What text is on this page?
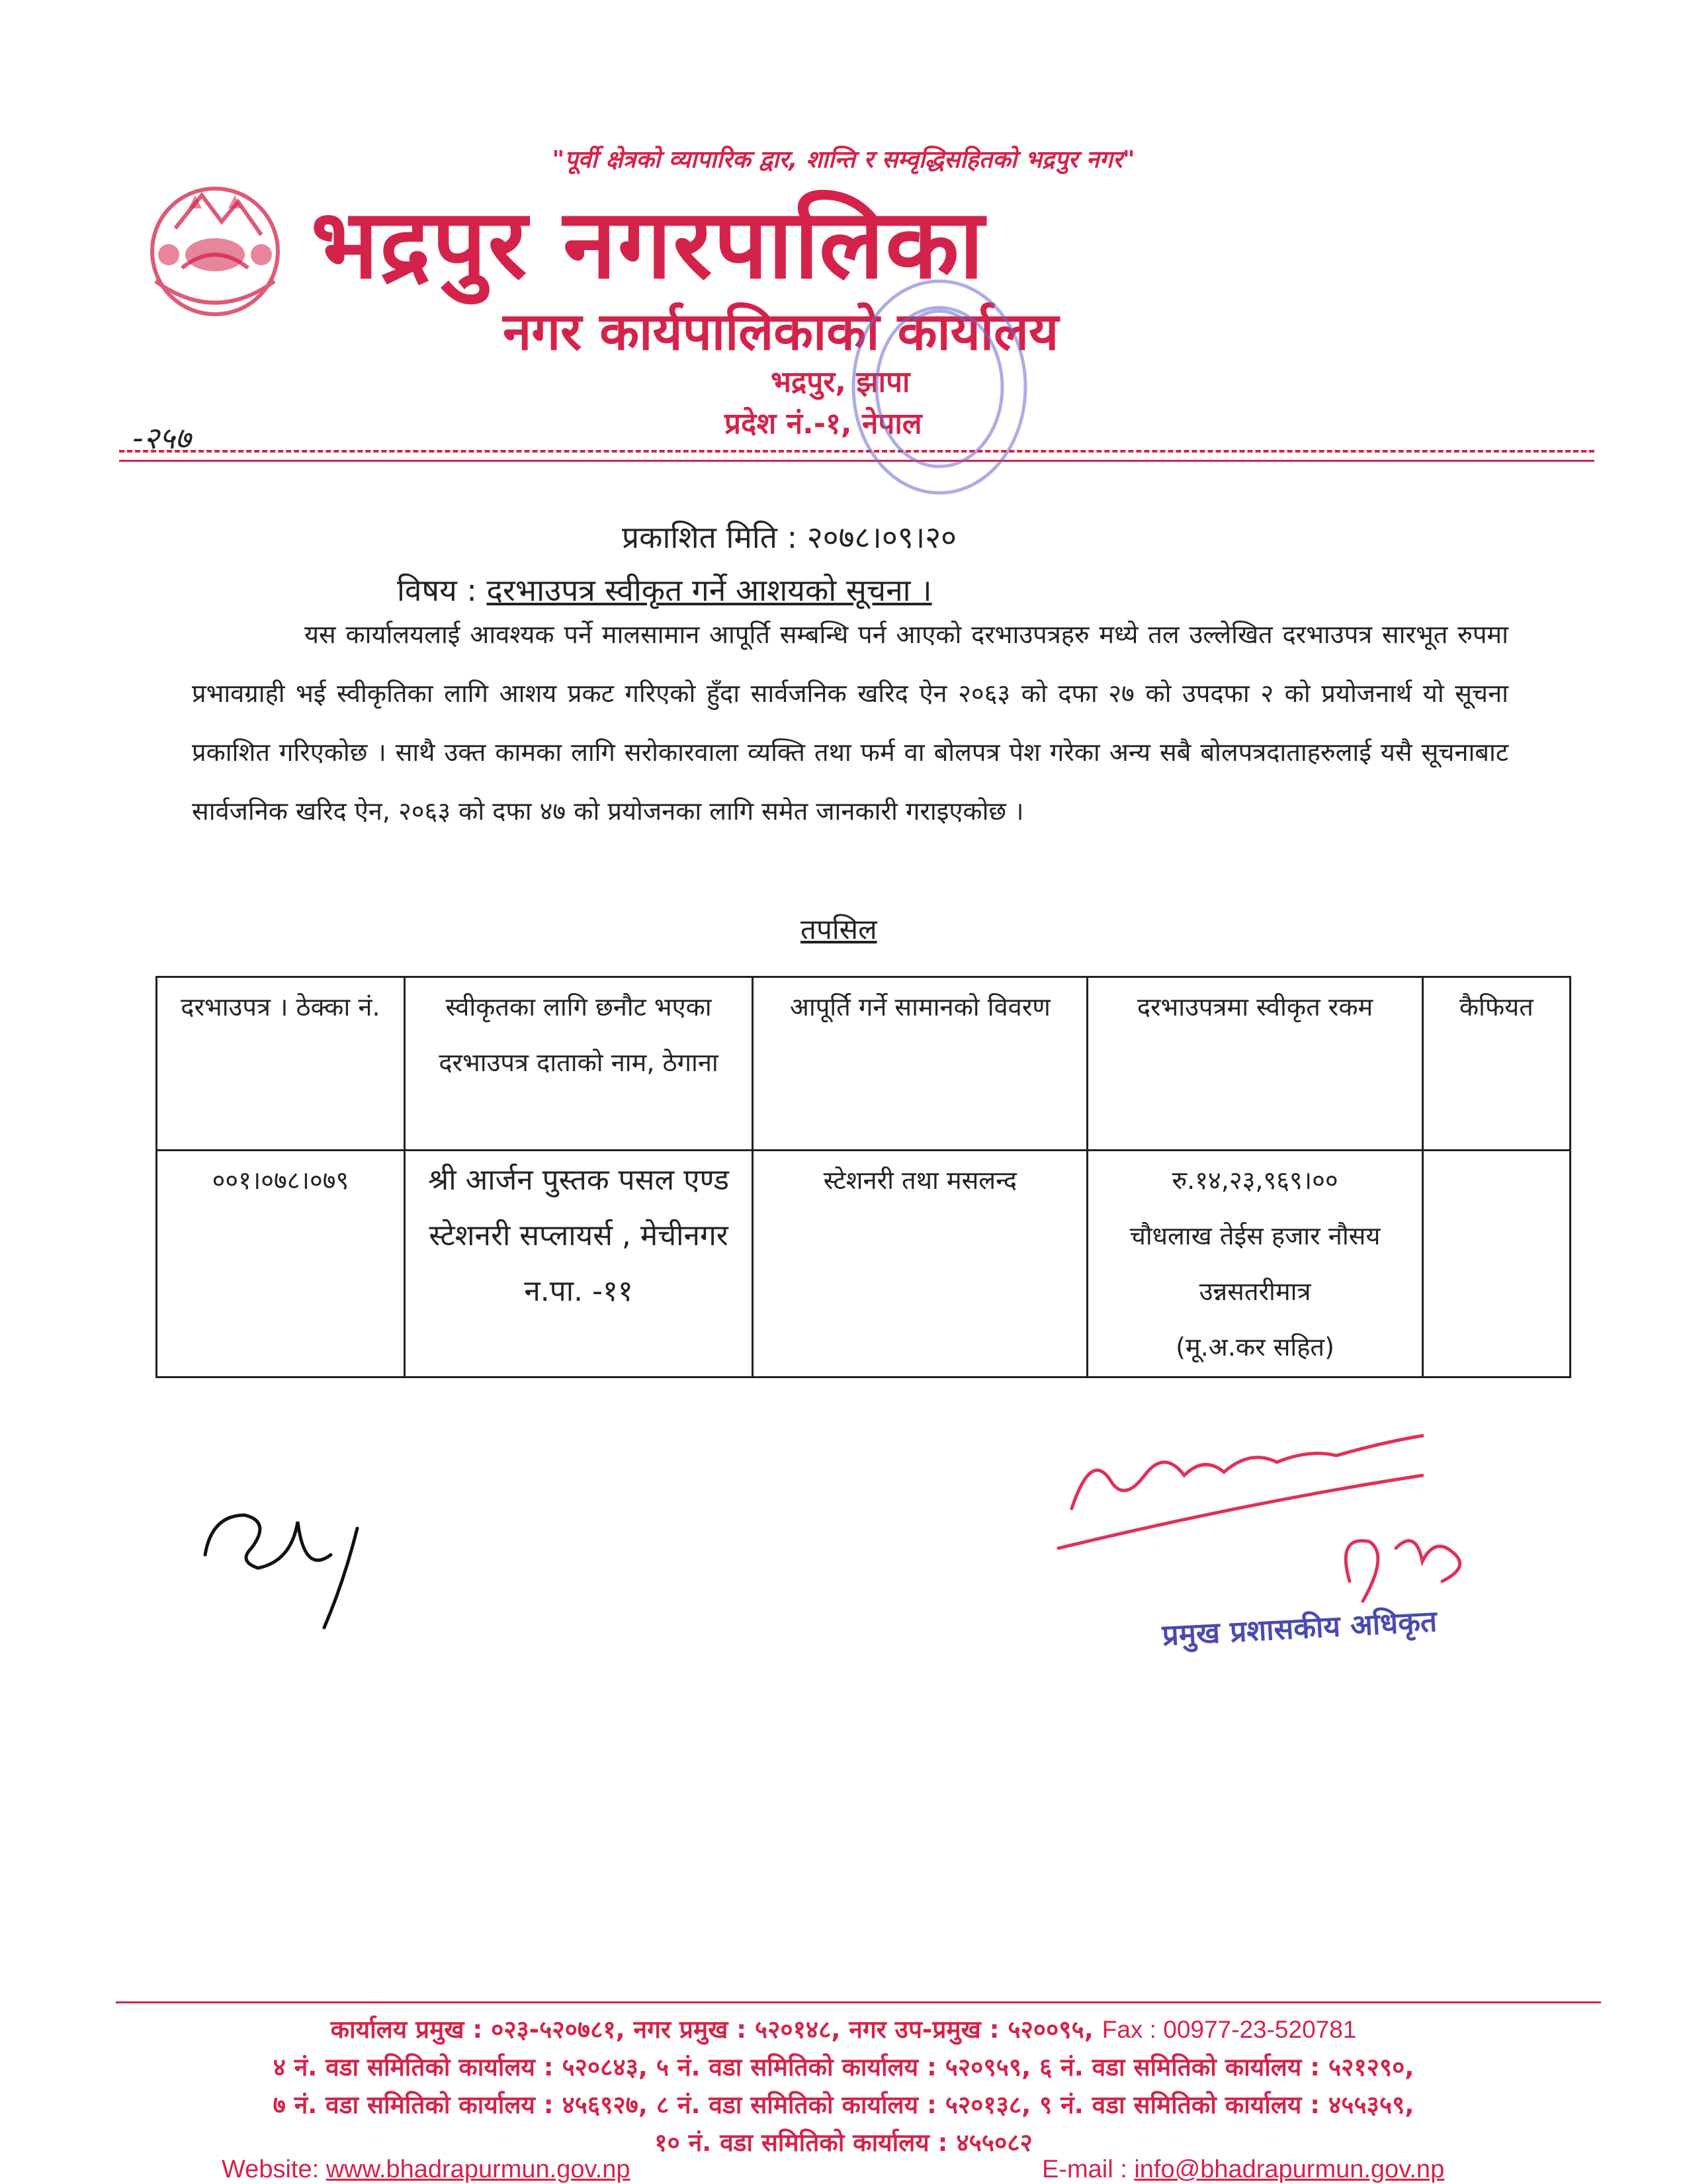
"पूर्वी क्षेत्रको व्यापारिक द्वार, शान्ति र सम्वृद्धिसहितको भद्रपुर नगर"
भद्रपुर नगरपालिका
नगर कार्यपालिकाको कार्यालय
भद्रपुर, झापा
प्रदेश नं.-१, नेपाल
-२५७
प्रकाशित मिति : २०७८।०९।२०
विषय : दरभाउपत्र स्वीकृत गर्ने आशयको सूचना ।
यस कार्यालयलाई आवश्यक पर्ने मालसामान आपूर्ति सम्बन्धि पर्न आएको दरभाउपत्रहरु मध्ये तल उल्लेखित दरभाउपत्र सारभूत रुपमा प्रभावग्राही भई स्वीकृतिका लागि आशय प्रकट गरिएको हुँदा सार्वजनिक खरिद ऐन २०६३ को दफा २७ को उपदफा २ को प्रयोजनार्थ यो सूचना प्रकाशित गरिएकोछ । साथै उक्त कामका लागि सरोकारवाला व्यक्ति तथा फर्म वा बोलपत्र पेश गरेका अन्य सबै बोलपत्रदाताहरुलाई यसै सूचनाबाट सार्वजनिक खरिद ऐन, २०६३ को दफा ४७ को प्रयोजनका लागि समेत जानकारी गराइएकोछ ।
तपसिल
दरभाउपत्र । ठेक्का नं.	स्वीकृतका लागि छनौट भएका दरभाउपत्र दाताको नाम, ठेगाना	आपूर्ति गर्ने सामानको विवरण	दरभाउपत्रमा स्वीकृत रकम	कैफियत
००१।०७८।०७९	श्री आर्जन पुस्तक पसल एण्ड स्टेशनरी सप्लायर्स , मेचीनगर न.पा. -११	स्टेशनरी तथा मसलन्द	रु.१४,२३,९६९।००
चौधलाख तेईस हजार नौसय उन्नसतरीमात्र
(मू.अ.कर सहित)	

प्रमुख प्रशासकीय अधिकृत
कार्यालय प्रमुख : ०२३-५२०७८१, नगर प्रमुख : ५२०१४८, नगर उप-प्रमुख : ५२००९५, Fax : 00977-23-520781
४ नं. वडा समितिको कार्यालय : ५२०८४३, ५ नं. वडा समितिको कार्यालय : ५२०९५९, ६ नं. वडा समितिको कार्यालय : ५२१२९०,
७ नं. वडा समितिको कार्यालय : ४५६९२७, ८ नं. वडा समितिको कार्यालय : ५२०१३८, ९ नं. वडा समितिको कार्यालय : ४५५३५९,
१० नं. वडा समितिको कार्यालय : ४५५०८२
Website: www.bhadrapurmun.gov.np	E-mail : info@bhadrapurmun.gov.np
